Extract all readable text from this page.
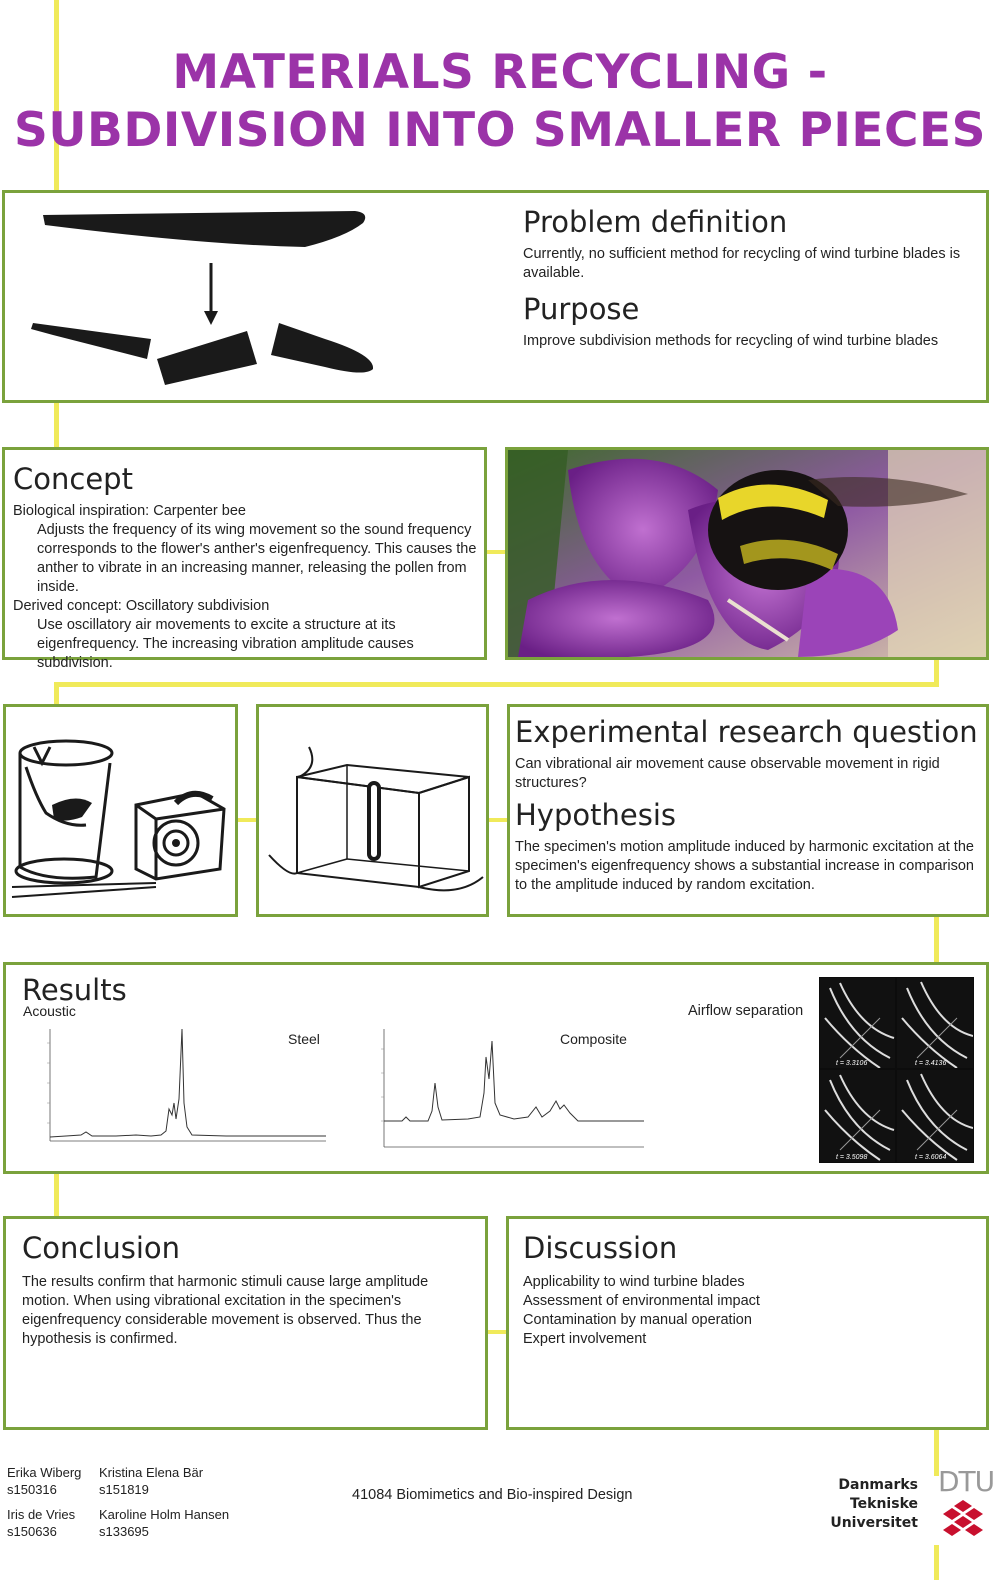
MATERIALS RECYCLING -
SUBDIVISION INTO SMALLER PIECES
Problem definition

Currently, no sufficient method for recycling of wind turbine blades is available.

Purpose

Improve subdivision methods for recycling of wind turbine blades

Concept

Biological inspiration: Carpenter bee

Adjusts the frequency of its wing movement so the sound frequency corresponds to the flower's anther's eigenfrequency. This causes the anther to vibrate in an increasing manner, releasing the pollen from inside.

Derived concept: Oscillatory subdivision

Use oscillatory air movements to excite a structure at its eigenfrequency. The increasing vibration amplitude causes subdivision.

Experimental research question

Can vibrational air movement cause observable movement in rigid structures?

Hypothesis

The specimen's motion amplitude induced by harmonic excitation at the specimen's eigenfrequency shows a substantial increase in comparison to the amplitude induced by random excitation.

Results
Acoustic
Steel	Composite
Airflow separation
t = 3.3106	t = 3.4136
t = 3.5098	t = 3.6064
Conclusion

The results confirm that harmonic stimuli cause large amplitude motion. When using vibrational excitation in the specimen's eigenfrequency considerable movement is observed. Thus the hypothesis is confirmed.

Discussion

Applicability to wind turbine blades

Assessment of environmental impact

Contamination by manual operation

Expert involvement

Erika Wiberg
s150316
Kristina Elena Bär
s151819
Iris de Vries
s150636
Karoline Holm Hansen
s133695
41084 Biomimetics and Bio-inspired Design
Danmarks
Tekniske
Universitet
DTU
